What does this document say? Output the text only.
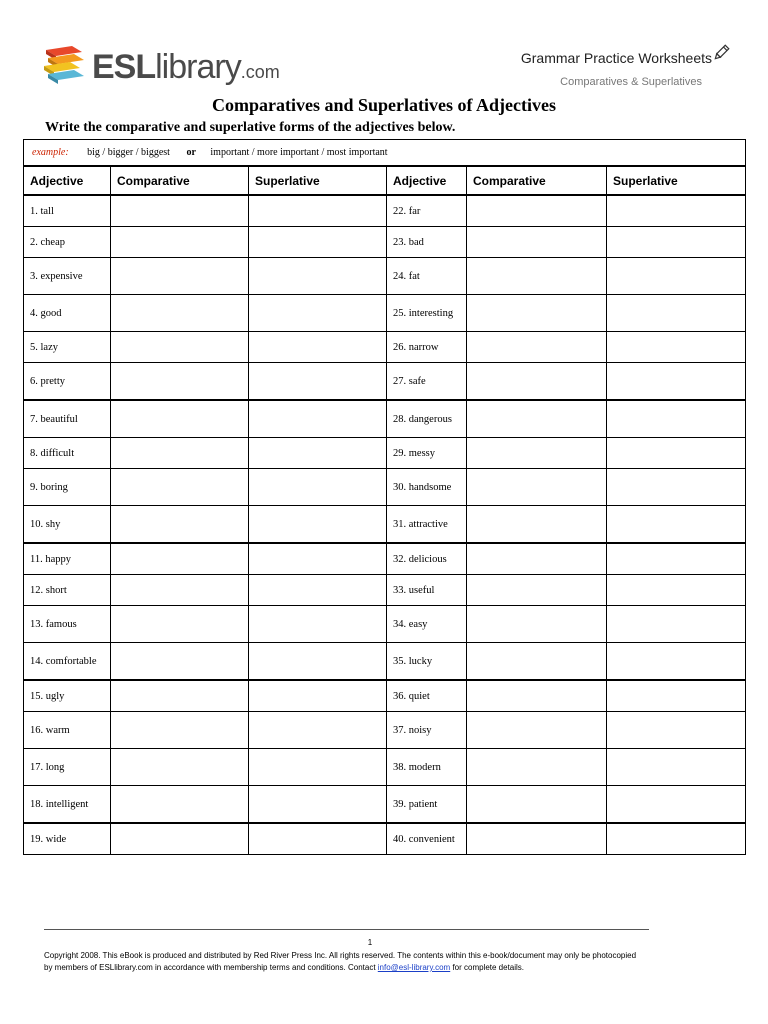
ESLlibrary.com
Grammar Practice Worksheets
Comparatives & Superlatives
Comparatives and Superlatives of Adjectives
Write the comparative and superlative forms of the adjectives below.
example: big / bigger / biggest or important / more important / most important					
Adjective	Comparative	Superlative	Adjective	Comparative	Superlative
1. tall			22. far		
2. cheap			23. bad		
3. expensive			24. fat		
4. good			25. interesting		
5. lazy			26. narrow		
6. pretty			27. safe		
7. beautiful			28. dangerous		
8. difficult			29. messy		
9. boring			30. handsome		
10. shy			31. attractive		
11. happy			32. delicious		
12. short			33. useful		
13. famous			34. easy		
14. comfortable			35. lucky		
15. ugly			36. quiet		
16. warm			37. noisy		
17. long			38. modern		
18. intelligent			39. patient		
19. wide			40. convenient		
1
Copyright 2008. This eBook is produced and distributed by Red River Press Inc. All rights reserved. The contents within this e-book/document may only be photocopied
by members of ESLlibrary.com in accordance with membership terms and conditions. Contact info@esl-library.com for complete details.
